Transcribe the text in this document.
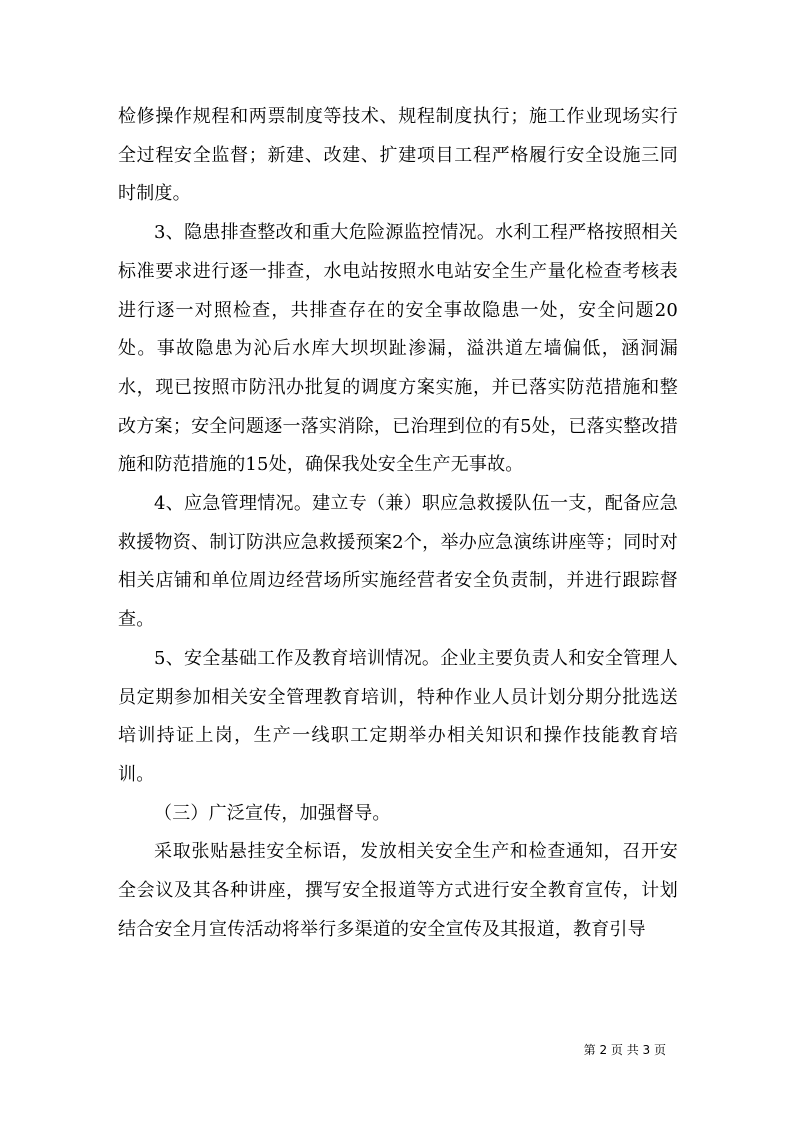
检修操作规程和两票制度等技术、规程制度执行；施工作业现场实行全过程安全监督；新建、改建、扩建项目工程严格履行安全设施三同时制度。

3、隐患排查整改和重大危险源监控情况。水利工程严格按照相关标准要求进行逐一排查，水电站按照水电站安全生产量化检查考核表进行逐一对照检查，共排查存在的安全事故隐患一处，安全问题20处。事故隐患为沁后水库大坝坝趾渗漏，溢洪道左墙偏低，涵洞漏水，现已按照市防汛办批复的调度方案实施，并已落实防范措施和整改方案；安全问题逐一落实消除，已治理到位的有5处，已落实整改措施和防范措施的15处，确保我处安全生产无事故。

4、应急管理情况。建立专（兼）职应急救援队伍一支，配备应急救援物资、制订防洪应急救援预案2个，举办应急演练讲座等；同时对相关店铺和单位周边经营场所实施经营者安全负责制，并进行跟踪督查。

5、安全基础工作及教育培训情况。企业主要负责人和安全管理人员定期参加相关安全管理教育培训，特种作业人员计划分期分批选送培训持证上岗，生产一线职工定期举办相关知识和操作技能教育培训。

（三）广泛宣传，加强督导。

采取张贴悬挂安全标语，发放相关安全生产和检查通知，召开安全会议及其各种讲座，撰写安全报道等方式进行安全教育宣传，计划结合安全月宣传活动将举行多渠道的安全宣传及其报道，教育引导

第 2 页 共 3 页
